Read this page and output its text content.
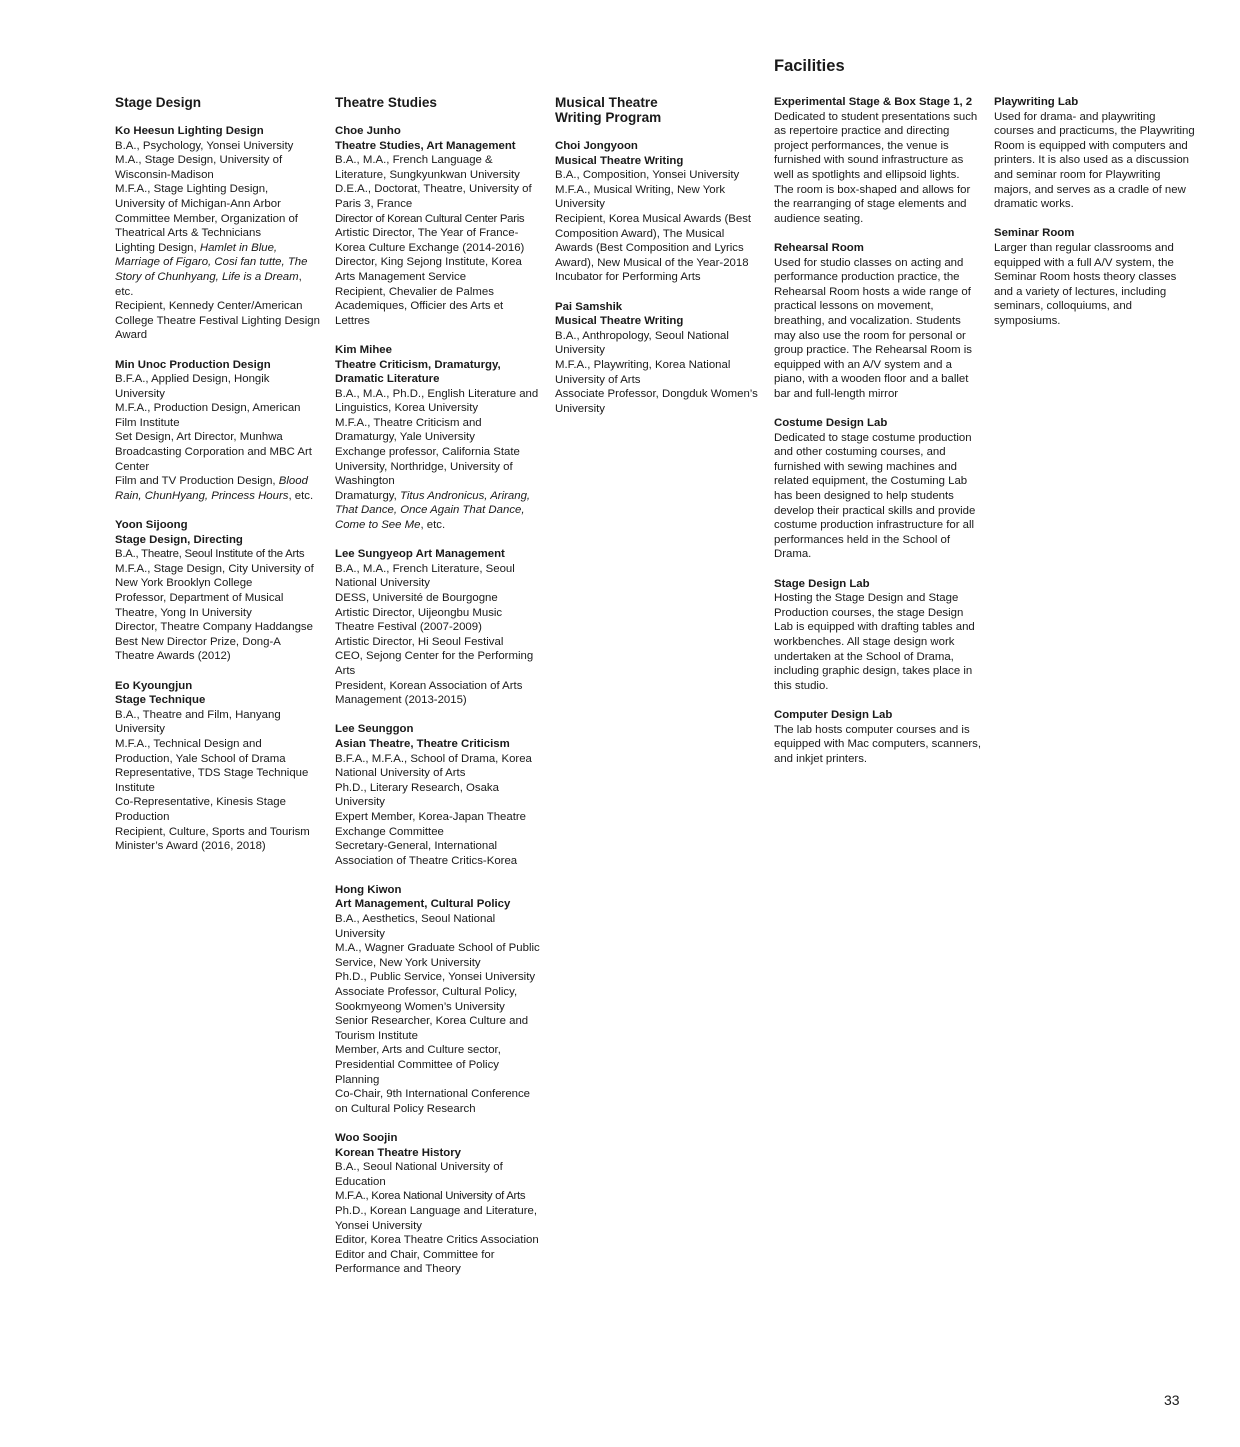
Facilities
Stage Design
Ko Heesun Lighting Design
B.A., Psychology, Yonsei University
M.A., Stage Design, University of Wisconsin-Madison
M.F.A., Stage Lighting Design, University of Michigan-Ann Arbor
Committee Member, Organization of Theatrical Arts & Technicians
Lighting Design, Hamlet in Blue, Marriage of Figaro, Cosi fan tutte, The Story of Chunhyang, Life is a Dream, etc.
Recipient, Kennedy Center/American College Theatre Festival Lighting Design Award
Min Unoc Production Design
B.F.A., Applied Design, Hongik University
M.F.A., Production Design, American Film Institute
Set Design, Art Director, Munhwa Broadcasting Corporation and MBC Art Center
Film and TV Production Design, Blood Rain, ChunHyang, Princess Hours, etc.
Yoon Sijoong
Stage Design, Directing
B.A., Theatre, Seoul Institute of the Arts
M.F.A., Stage Design, City University of New York Brooklyn College
Professor, Department of Musical Theatre, Yong In University
Director, Theatre Company Haddangse
Best New Director Prize, Dong-A Theatre Awards (2012)
Eo Kyoungjun
Stage Technique
B.A., Theatre and Film, Hanyang University
M.F.A., Technical Design and Production, Yale School of Drama
Representative, TDS Stage Technique Institute
Co-Representative, Kinesis Stage Production
Recipient, Culture, Sports and Tourism Minister’s Award (2016, 2018)
Theatre Studies
Choe Junho
Theatre Studies, Art Management
B.A., M.A., French Language & Literature, Sungkyunkwan University
D.E.A., Doctorat, Theatre, University of Paris 3, France
Director of Korean Cultural Center Paris
Artistic Director, The Year of France-Korea Culture Exchange (2014-2016)
Director, King Sejong Institute, Korea Arts Management Service
Recipient, Chevalier de Palmes Academiques, Officier des Arts et Lettres
Kim Mihee
Theatre Criticism, Dramaturgy, Dramatic Literature
B.A., M.A., Ph.D., English Literature and Linguistics, Korea University
M.F.A., Theatre Criticism and Dramaturgy, Yale University
Exchange professor, California State University, Northridge, University of Washington
Dramaturgy, Titus Andronicus, Arirang, That Dance, Once Again That Dance, Come to See Me, etc.
Lee Sungyeop Art Management
B.A., M.A., French Literature, Seoul National University
DESS, Université de Bourgogne
Artistic Director, Uijeongbu Music Theatre Festival (2007-2009)
Artistic Director, Hi Seoul Festival
CEO, Sejong Center for the Performing Arts
President, Korean Association of Arts Management (2013-2015)
Lee Seunggon
Asian Theatre, Theatre Criticism
B.F.A., M.F.A., School of Drama, Korea National University of Arts
Ph.D., Literary Research, Osaka University
Expert Member, Korea-Japan Theatre Exchange Committee
Secretary-General, International Association of Theatre Critics-Korea
Hong Kiwon
Art Management, Cultural Policy
B.A., Aesthetics, Seoul National University
M.A., Wagner Graduate School of Public Service, New York University
Ph.D., Public Service, Yonsei University
Associate Professor, Cultural Policy, Sookmyeong Women’s University
Senior Researcher, Korea Culture and Tourism Institute
Member, Arts and Culture sector, Presidential Committee of Policy Planning
Co-Chair, 9th International Conference on Cultural Policy Research
Woo Soojin
Korean Theatre History
B.A., Seoul National University of Education
M.F.A., Korea National University of Arts
Ph.D., Korean Language and Literature, Yonsei University
Editor, Korea Theatre Critics Association
Editor and Chair, Committee for Performance and Theory
Musical Theatre Writing Program
Choi Jongyoon
Musical Theatre Writing
B.A., Composition, Yonsei University
M.F.A., Musical Writing, New York University
Recipient, Korea Musical Awards (Best Composition Award), The Musical Awards (Best Composition and Lyrics Award), New Musical of the Year-2018 Incubator for Performing Arts
Pai Samshik
Musical Theatre Writing
B.A., Anthropology, Seoul National University
M.F.A., Playwriting, Korea National University of Arts
Associate Professor, Dongduk Women’s University
Experimental Stage & Box Stage 1, 2
Dedicated to student presentations such as repertoire practice and directing project performances, the venue is furnished with sound infrastructure as well as spotlights and ellipsoid lights. The room is box-shaped and allows for the rearranging of stage elements and audience seating.
Rehearsal Room
Used for studio classes on acting and performance production practice, the Rehearsal Room hosts a wide range of practical lessons on movement, breathing, and vocalization. Students may also use the room for personal or group practice. The Rehearsal Room is equipped with an A/V system and a piano, with a wooden floor and a ballet bar and full-length mirror
Costume Design Lab
Dedicated to stage costume production and other costuming courses, and furnished with sewing machines and related equipment, the Costuming Lab has been designed to help students develop their practical skills and provide costume production infrastructure for all performances held in the School of Drama.
Stage Design Lab
Hosting the Stage Design and Stage Production courses, the stage Design Lab is equipped with drafting tables and workbenches. All stage design work undertaken at the School of Drama, including graphic design, takes place in this studio.
Computer Design Lab
The lab hosts computer courses and is equipped with Mac computers, scanners, and inkjet printers.
Playwriting Lab
Used for drama- and playwriting courses and practicums, the Playwriting Room is equipped with computers and printers. It is also used as a discussion and seminar room for Playwriting majors, and serves as a cradle of new dramatic works.
Seminar Room
Larger than regular classrooms and equipped with a full A/V system, the Seminar Room hosts theory classes and a variety of lectures, including seminars, colloquiums, and symposiums.
33
